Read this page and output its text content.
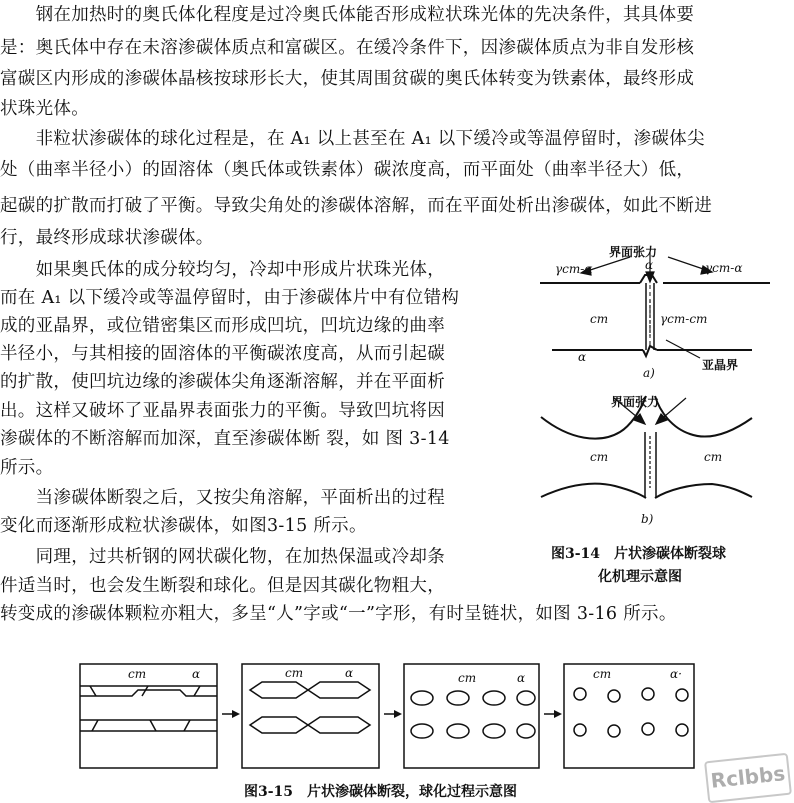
　　钢在加热时的奥氏体化程度是过冷奥氏体能否形成粒状珠光体的先决条件，其具体要
是：奥氏体中存在未溶渗碳体质点和富碳区。在缓冷条件下，因渗碳体质点为非自发形核
富碳区内形成的渗碳体晶核按球形长大，使其周围贫碳的奥氏体转变为铁素体，最终形成
状珠光体。
　　非粒状渗碳体的球化过程是，在 A₁ 以上甚至在 A₁ 以下缓冷或等温停留时，渗碳体尖
处（曲率半径小）的固溶体（奥氏体或铁素体）碳浓度高，而平面处（曲率半径大）低，
起碳的扩散而打破了平衡。导致尖角处的渗碳体溶解，而在平面处析出渗碳体，如此不断进
行，最终形成球状渗碳体。
　　如果奥氏体的成分较均匀，冷却中形成片状珠光体，
而在 A₁ 以下缓冷或等温停留时，由于渗碳体片中有位错构
成的亚晶界，或位错密集区而形成凹坑，凹坑边缘的曲率
半径小，与其相接的固溶体的平衡碳浓度高，从而引起碳
的扩散，使凹坑边缘的渗碳体尖角逐渐溶解，并在平面析
出。这样又破坏了亚晶界表面张力的平衡。导致凹坑将因
渗碳体的不断溶解而加深，直至渗碳体断 裂，如 图 3-14
所示。
　　当渗碳体断裂之后，又按尖角溶解，平面析出的过程
变化而逐渐形成粒状渗碳体，如图3-15 所示。
　　同理，过共析钢的网状碳化物，在加热保温或冷却条
件适当时，也会发生断裂和球化。但是因其碳化物粗大，
转变成的渗碳体颗粒亦粗大，多呈“人”字或“一”字形，有时呈链状，如图 3-16 所示。
界面张力
γcm-α	γcm-α
γcm-cm
α
α
cm
亚晶界
a)
界面张力
cm	cm
b)
图3-14　片状渗碳体断裂球
化机理示意图
cm	α	cm	α	cm	α	cm	α·
图3-15　片状渗碳体断裂，球化过程示意图	Rclbbs
